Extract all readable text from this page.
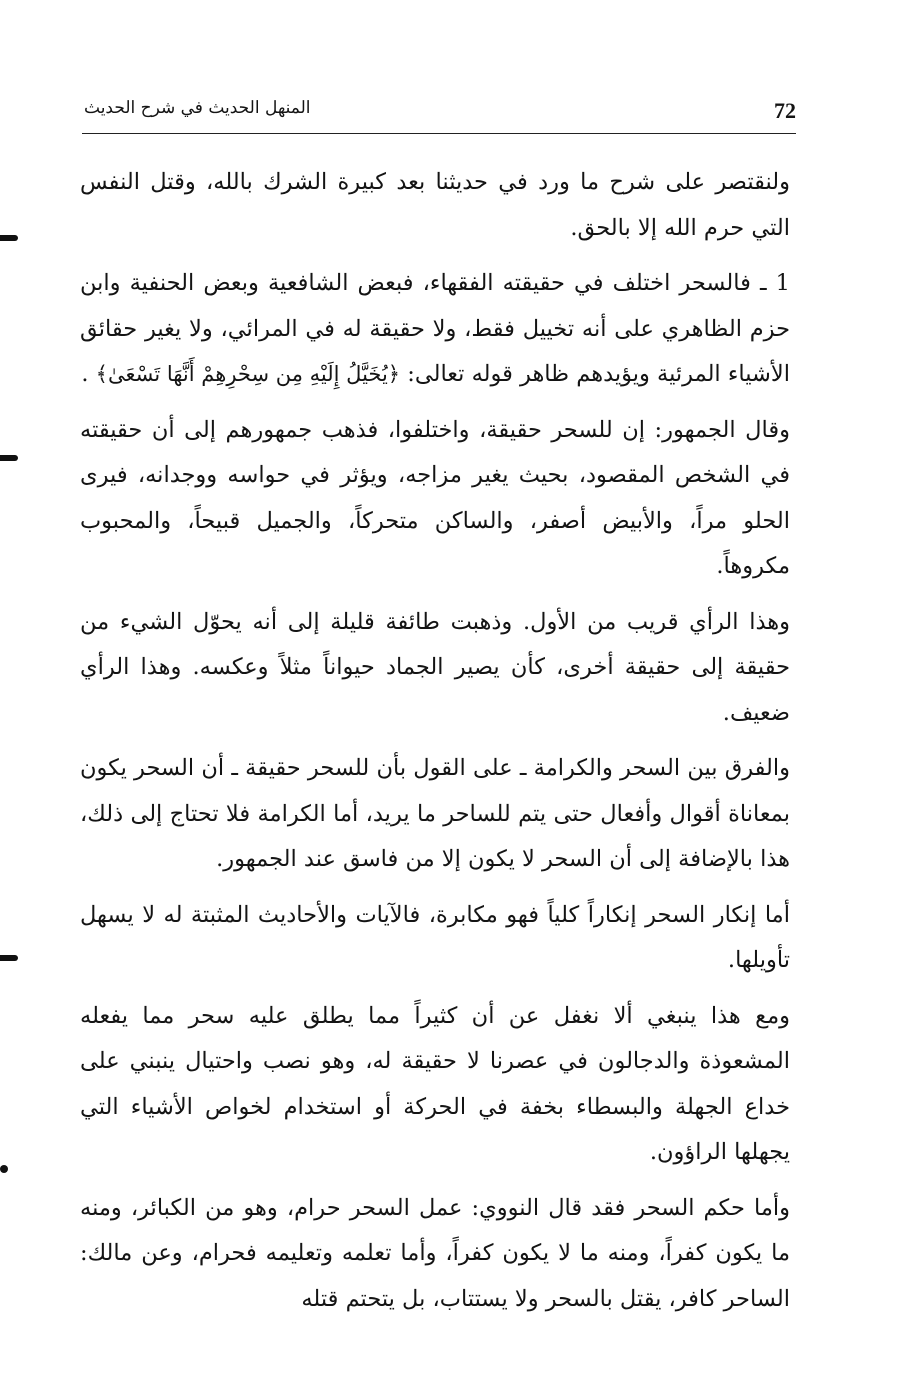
72
المنهل الحديث في شرح الحديث

ولنقتصر على شرح ما ورد في حديثنا بعد كبيرة الشرك بالله، وقتل النفس التي حرم الله إلا بالحق.

1 ـ فالسحر اختلف في حقيقته الفقهاء، فبعض الشافعية وبعض الحنفية وابن حزم الظاهري على أنه تخييل فقط، ولا حقيقة له في المرائي، ولا يغير حقائق الأشياء المرئية ويؤيدهم ظاهر قوله تعالى: ﴿يُخَيَّلُ إِلَيْهِ مِن سِحْرِهِمْ أَنَّهَا تَسْعَىٰ﴾ .

وقال الجمهور: إن للسحر حقيقة، واختلفوا، فذهب جمهورهم إلى أن حقيقته في الشخص المقصود، بحيث يغير مزاجه، ويؤثر في حواسه ووجدانه، فيرى الحلو مراً، والأبيض أصفر، والساكن متحركاً، والجميل قبيحاً، والمحبوب مكروهاً.

وهذا الرأي قريب من الأول. وذهبت طائفة قليلة إلى أنه يحوّل الشيء من حقيقة إلى حقيقة أخرى، كأن يصير الجماد حيواناً مثلاً وعكسه. وهذا الرأي ضعيف.

والفرق بين السحر والكرامة ـ على القول بأن للسحر حقيقة ـ أن السحر يكون بمعاناة أقوال وأفعال حتى يتم للساحر ما يريد، أما الكرامة فلا تحتاج إلى ذلك، هذا بالإضافة إلى أن السحر لا يكون إلا من فاسق عند الجمهور.

أما إنكار السحر إنكاراً كلياً فهو مكابرة، فالآيات والأحاديث المثبتة له لا يسهل تأويلها.

ومع هذا ينبغي ألا نغفل عن أن كثيراً مما يطلق عليه سحر مما يفعله المشعوذة والدجالون في عصرنا لا حقيقة له، وهو نصب واحتيال ينبني على خداع الجهلة والبسطاء بخفة في الحركة أو استخدام لخواص الأشياء التي يجهلها الراؤون.

وأما حكم السحر فقد قال النووي: عمل السحر حرام، وهو من الكبائر، ومنه ما يكون كفراً، ومنه ما لا يكون كفراً، وأما تعلمه وتعليمه فحرام، وعن مالك: الساحر كافر، يقتل بالسحر ولا يستتاب، بل يتحتم قتله
